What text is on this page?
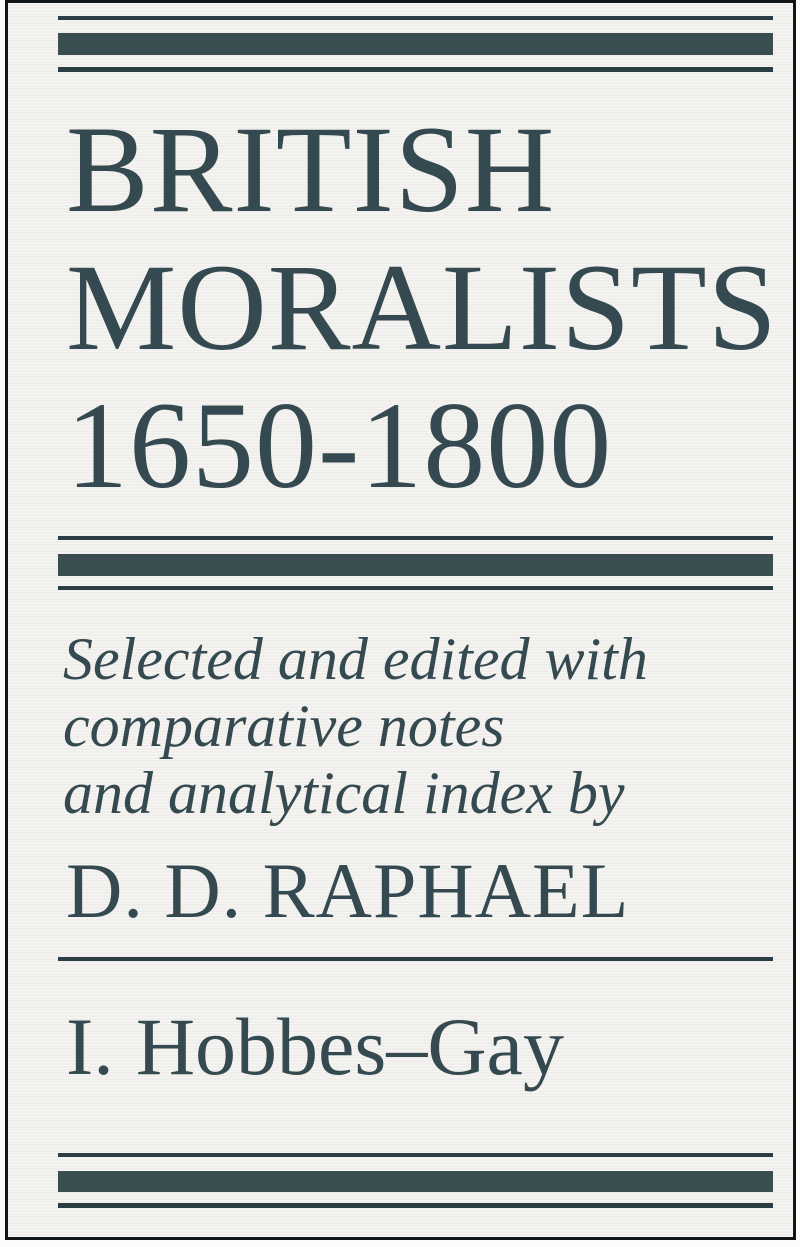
BRITISH
MORALISTS
1650-1800
Selected and edited with
comparative notes
and analytical index by
D. D. RAPHAEL
I. Hobbes–Gay
